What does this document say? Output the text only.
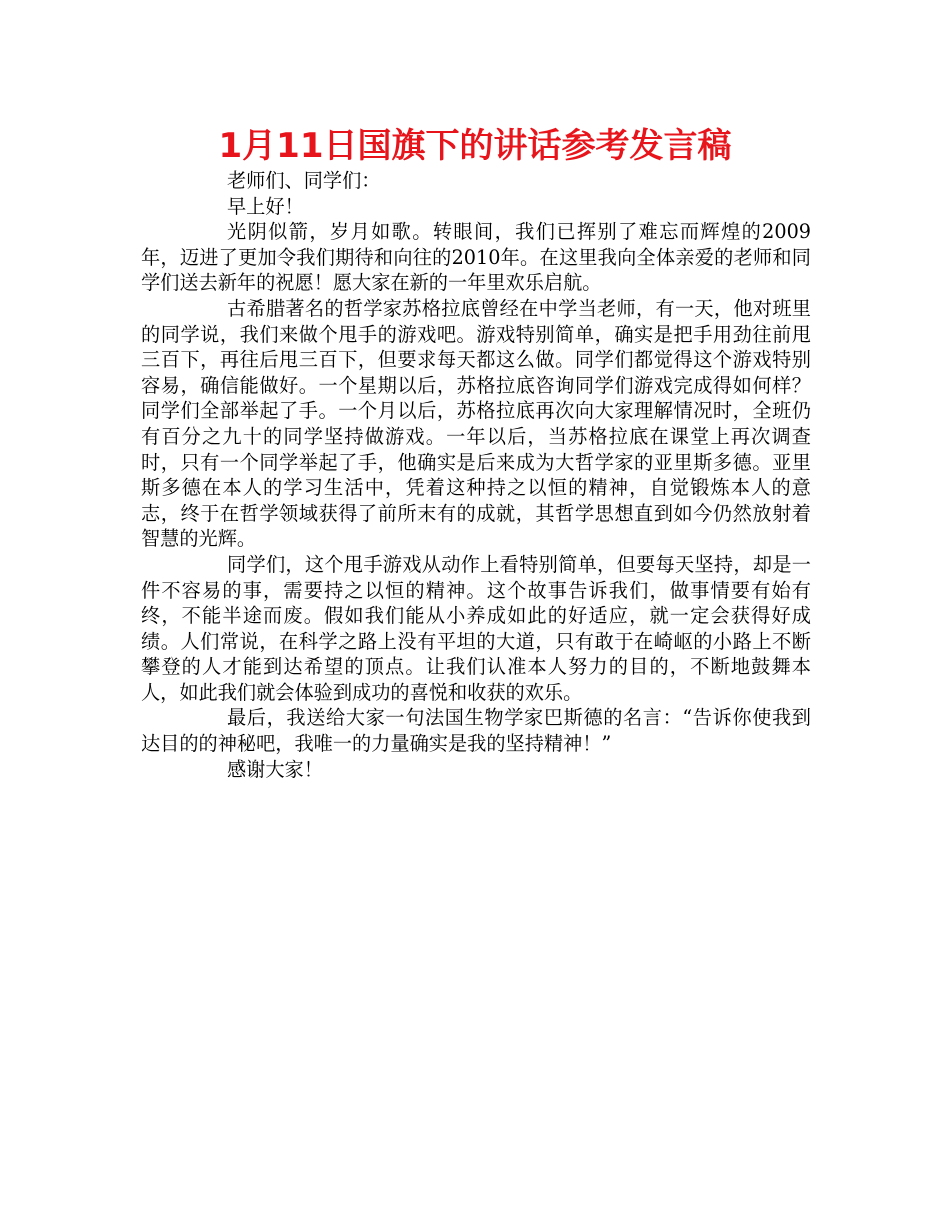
1月11日国旗下的讲话参考发言稿

老师们、同学们：

早上好！

光阴似箭，岁月如歌。转眼间，我们已挥别了难忘而辉煌的2009年，迈进了更加令我们期待和向往的2010年。在这里我向全体亲爱的老师和同学们送去新年的祝愿！愿大家在新的一年里欢乐启航。

古希腊著名的哲学家苏格拉底曾经在中学当老师，有一天，他对班里的同学说，我们来做个甩手的游戏吧。游戏特别简单，确实是把手用劲往前甩三百下，再往后甩三百下，但要求每天都这么做。同学们都觉得这个游戏特别容易，确信能做好。一个星期以后，苏格拉底咨询同学们游戏完成得如何样？同学们全部举起了手。一个月以后，苏格拉底再次向大家理解情况时，全班仍有百分之九十的同学坚持做游戏。一年以后，当苏格拉底在课堂上再次调查时，只有一个同学举起了手，他确实是后来成为大哲学家的亚里斯多德。亚里斯多德在本人的学习生活中，凭着这种持之以恒的精神，自觉锻炼本人的意志，终于在哲学领域获得了前所末有的成就，其哲学思想直到如今仍然放射着智慧的光辉。

同学们，这个甩手游戏从动作上看特别简单，但要每天坚持，却是一件不容易的事，需要持之以恒的精神。这个故事告诉我们，做事情要有始有终，不能半途而废。假如我们能从小养成如此的好适应，就一定会获得好成绩。人们常说，在科学之路上没有平坦的大道，只有敢于在崎岖的小路上不断攀登的人才能到达希望的顶点。让我们认准本人努力的目的，不断地鼓舞本人，如此我们就会体验到成功的喜悦和收获的欢乐。

最后，我送给大家一句法国生物学家巴斯德的名言：“告诉你使我到达目的的神秘吧，我唯一的力量确实是我的坚持精神！”

感谢大家！
